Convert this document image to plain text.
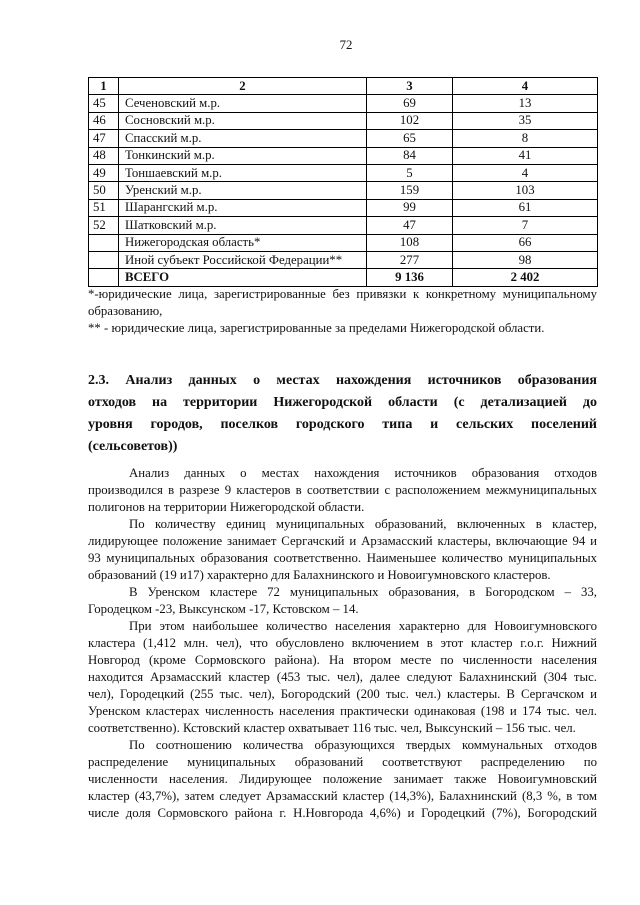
72
1	2	3	4
45	Сеченовский м.р.	69	13
46	Сосновский м.р.	102	35
47	Спасский м.р.	65	8
48	Тонкинский м.р.	84	41
49	Тоншаевский м.р.	5	4
50	Уренский м.р.	159	103
51	Шарангский м.р.	99	61
52	Шатковский м.р.	47	7
	Нижегородская область*	108	66
	Иной субъект Российской Федерации**	277	98
	ВСЕГО	9 136	2 402
*-юридические лица, зарегистрированные без привязки к конкретному муниципальному
образованию,
** - юридические лица, зарегистрированные за пределами Нижегородской области.
2.3. Анализ данных о местах нахождения источников образования
отходов на территории Нижегородской области (с детализацией до
уровня городов, поселков городского типа и сельских поселений
(сельсоветов))
Анализ данных о местах нахождения источников образования отходов
производился в разрезе 9 кластеров в соответствии с расположением межмуниципальных
полигонов на территории Нижегородской области.
По количеству единиц муниципальных образований, включенных в кластер,
лидирующее положение занимает Сергачский и Арзамасский кластеры, включающие 94 и
93 муниципальных образования соответственно. Наименьшее количество муниципальных
образований (19 и17) характерно для Балахнинского и Новоигумновского кластеров.
В Уренском кластере 72 муниципальных образования, в Богородском – 33,
Городецком -23, Выксунском -17, Кстовском – 14.
При этом наибольшее количество населения характерно для Новоигумновского
кластера (1,412 млн. чел), что обусловлено включением в этот кластер г.о.г. Нижний
Новгород (кроме Сормовского района). На втором месте по численности населения
находится Арзамасский кластер (453 тыс. чел), далее следуют Балахнинский (304 тыс.
чел), Городецкий (255 тыс. чел), Богородский (200 тыс. чел.) кластеры. В Сергачском и
Уренском кластерах численность населения практически одинаковая (198 и 174 тыс. чел.
соответственно). Кстовский кластер охватывает 116 тыс. чел, Выксунский – 156 тыс. чел.
По соотношению количества образующихся твердых коммунальных отходов
распределение муниципальных образований соответствуют распределению по
численности населения. Лидирующее положение занимает также Новоигумновский
кластер (43,7%), затем следует Арзамасский кластер (14,3%), Балахнинский (8,3 %, в том
числе доля Сормовского района г. Н.Новгорода 4,6%) и Городецкий (7%), Богородский
